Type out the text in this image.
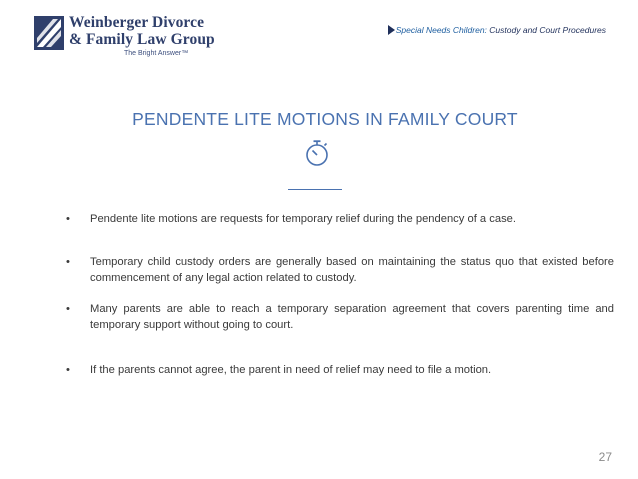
Weinberger Divorce
& Family Law Group
The Bright Answer™
Special Needs Children: Custody and Court Procedures
PENDENTE LITE MOTIONS IN FAMILY COURT
• Pendente lite motions are requests for temporary relief during the pendency of a case.
• Temporary child custody orders are generally based on maintaining the status quo that existed before commencement of any legal action related to custody.
• Many parents are able to reach a temporary separation agreement that covers parenting time and temporary support without going to court.
• If the parents cannot agree, the parent in need of relief may need to file a motion.
27
